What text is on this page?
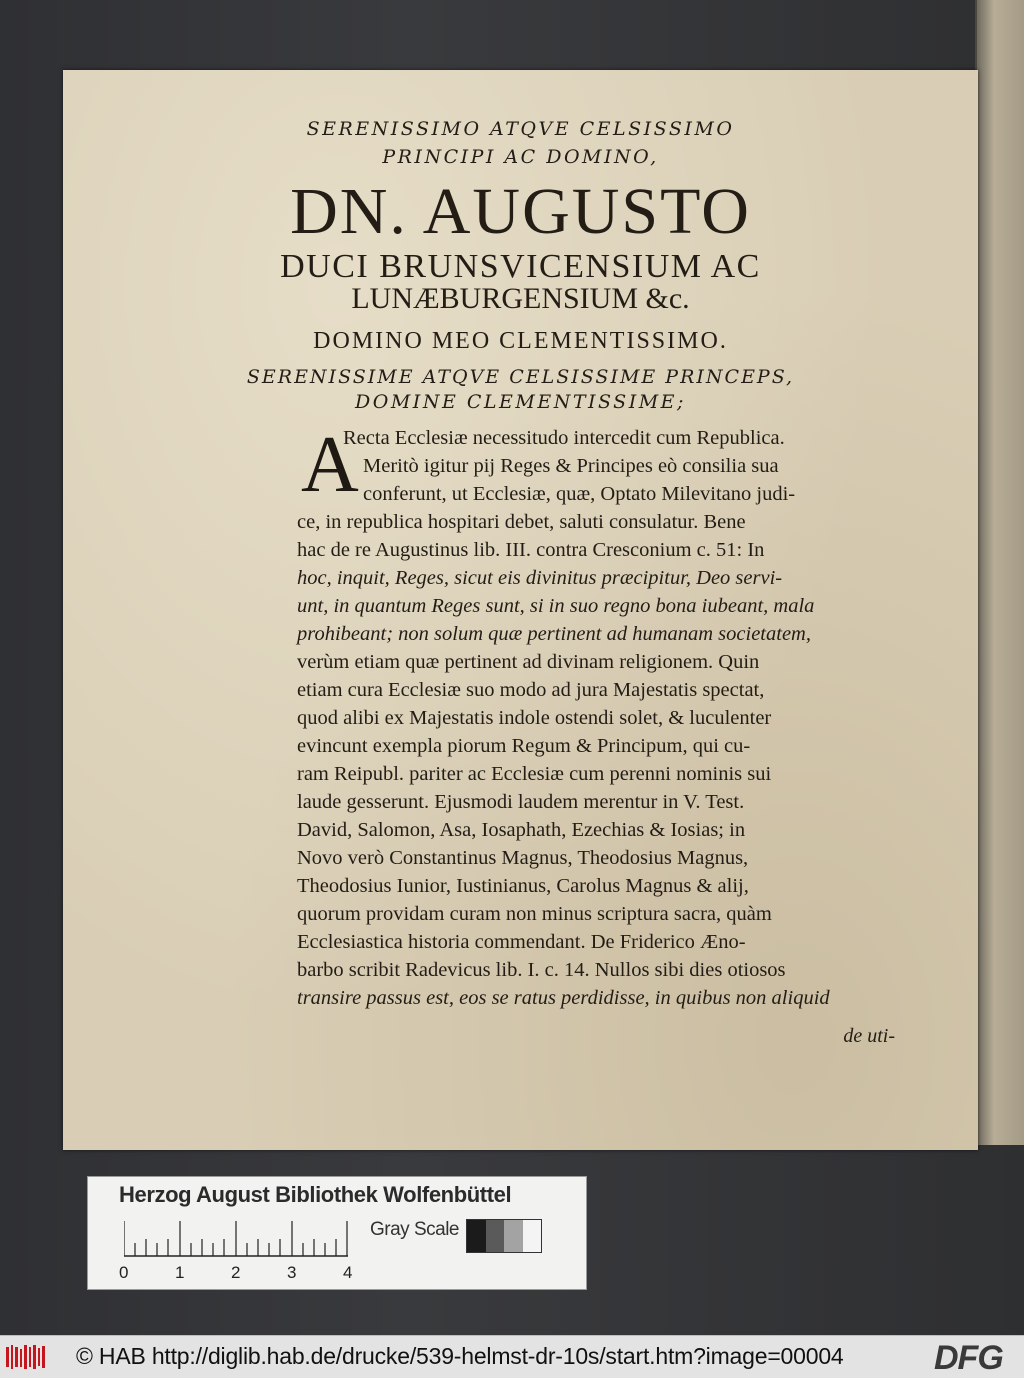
SERENISSIMO ATQVE CELSISSIMO
PRINCIPI AC DOMINO,
DN. AUGUSTO
DUCI BRUNSVICENSIUM AC
LUNÆBURGENSIUM &c.
DOMINO MEO CLEMENTISSIMO.
SERENISSIME ATQVE CELSISSIME PRINCEPS,
DOMINE CLEMENTISSIME;
A
Recta Ecclesiæ necessitudo intercedit cum Republica.
Meritò igitur pij Reges & Principes eò consilia sua
conferunt, ut Ecclesiæ, quæ, Optato Milevitano judi-
ce, in republica hospitari debet, saluti consulatur. Bene
hac de re Augustinus lib. III. contra Cresconium c. 51: In
hoc, inquit, Reges, sicut eis divinitus præcipitur, Deo servi-
unt, in quantum Reges sunt, si in suo regno bona iubeant, mala
prohibeant; non solum quæ pertinent ad humanam societatem,
verùm etiam quæ pertinent ad divinam religionem. Quin
etiam cura Ecclesiæ suo modo ad jura Majestatis spectat,
quod alibi ex Majestatis indole ostendi solet, & luculenter
evincunt exempla piorum Regum & Principum, qui cu-
ram Reipubl. pariter ac Ecclesiæ cum perenni nominis sui
laude gesserunt. Ejusmodi laudem merentur in V. Test.
David, Salomon, Asa, Iosaphath, Ezechias & Iosias; in
Novo verò Constantinus Magnus, Theodosius Magnus,
Theodosius Iunior, Iustinianus, Carolus Magnus & alij,
quorum providam curam non minus scriptura sacra, quàm
Ecclesiastica historia commendant. De Friderico Æno-
barbo scribit Radevicus lib. I. c. 14. Nullos sibi dies otiosos
transire passus est, eos se ratus perdidisse, in quibus non aliquid
de uti-
Herzog August Bibliothek Wolfenbüttel
0	1	2	3	4
Gray Scale
© HAB http://diglib.hab.de/drucke/539-helmst-dr-10s/start.htm?image=00004	DFG
